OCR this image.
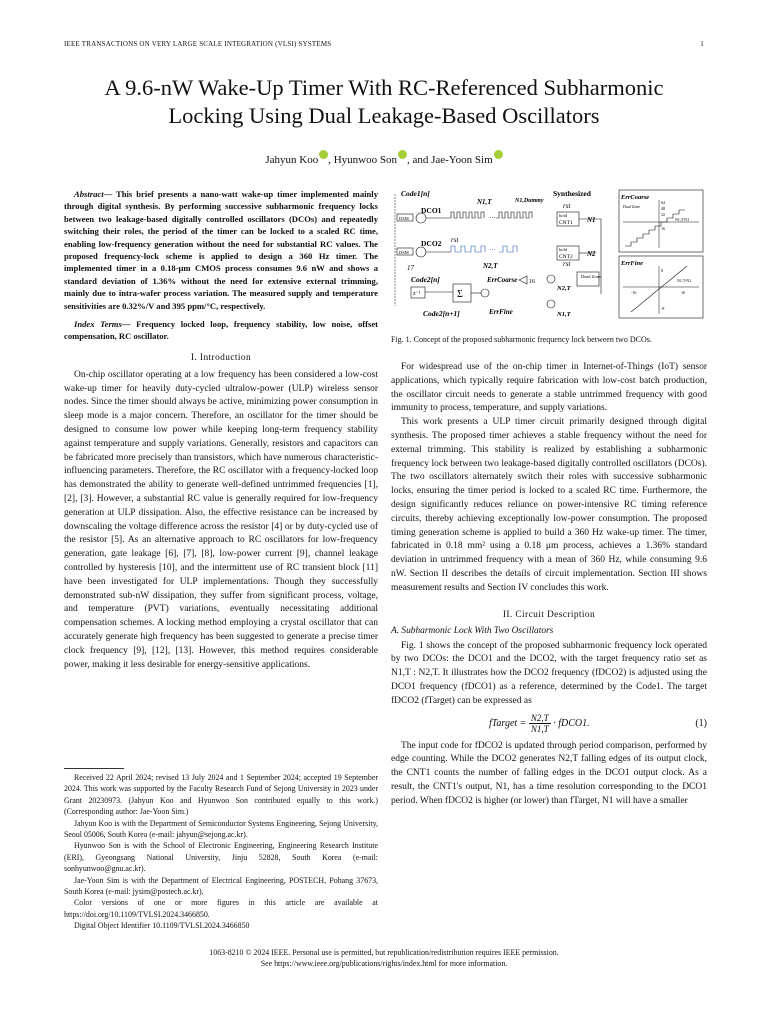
IEEE TRANSACTIONS ON VERY LARGE SCALE INTEGRATION (VLSI) SYSTEMS	1
A 9.6-nW Wake-Up Timer With RC-Referenced Subharmonic
Locking Using Dual Leakage-Based Oscillators
Jahyun Koo , Hyunwoo Son , and Jae-Yoon Sim

Abstract— This brief presents a nano-watt wake-up timer implemented mainly through digital synthesis. By performing successive subharmonic frequency locks between two leakage-based digitally controlled oscillators (DCOs) and repeatedly switching their roles, the period of the timer can be locked to a scaled RC time, enabling low-frequency generation without the need for substantial RC values. The proposed frequency-lock scheme is applied to design a 360 Hz timer. The implemented timer in a 0.18-μm CMOS process consumes 9.6 nW and shows a standard deviation of 1.36% without the need for extensive external trimming, mainly due to intra-wafer process variation. The measured supply and temperature sensitivities are 0.32%/V and 395 ppm/°C, respectively.

Index Terms— Frequency locked loop, frequency stability, low noise, offset compensation, RC oscillator.

I. Introduction

On-chip oscillator operating at a low frequency has been considered a low-cost wake-up timer for heavily duty-cycled ultralow-power (ULP) wireless sensor nodes. Since the timer should always be active, minimizing power consumption in sleep mode is a major concern. Therefore, an oscillator for the timer should be designed to consume low power while keeping long-term frequency stability against temperature and supply variations. Generally, resistors and capacitors can be fabricated more precisely than transistors, which have numerous characteristic-influencing parameters. Therefore, the RC oscillator with a frequency-locked loop has demonstrated the ability to generate well-defined untrimmed frequencies [1], [2], [3]. However, a substantial RC value is generally required for low-frequency generation at ULP dissipation. Also, the effective resistance can be increased by downscaling the voltage difference across the resistor [4] or by duty-cycled use of the resistor [5]. As an alternative approach to RC oscillators for low-frequency generation, gate leakage [6], [7], [8], low-power current [9], channel leakage controlled by hysteresis [10], and the intermittent use of RC transient block [11] have been investigated for ULP implementations. Though they successfully demonstrated sub-nW dissipation, they suffer from significant process, voltage, and temperature (PVT) variations, eventually necessitating additional compensation schemes. A locking method employing a crystal oscillator that can accurately generate high frequency has been suggested to generate a precise timer clock frequency [9], [12], [13]. However, this method requires considerable power, making it less desirable for energy-sensitive applications.

Received 22 April 2024; revised 13 July 2024 and 1 September 2024; accepted 19 September 2024. This work was supported by the Faculty Research Fund of Sejong University in 2023 under Grant 20230973. (Jahyun Koo and Hyunwoo Son contributed equally to this work.) (Corresponding author: Jae-Yoon Sim.)

Jahyun Koo is with the Department of Semiconductor Systems Engineering, Sejong University, Seoul 05006, South Korea (e-mail: jahyun@sejong.ac.kr).

Hyunwoo Son is with the School of Electronic Engineering, Engineering Research Institute (ERI), Gyeongsang National University, Jinju 52828, South Korea (e-mail: sonhyunwoo@gnu.ac.kr).

Jae-Yoon Sim is with the Department of Electrical Engineering, POSTECH, Pohang 37673, South Korea (e-mail: jysim@postech.ac.kr).

Color versions of one or more figures in this article are available at https://doi.org/10.1109/TVLSI.2024.3466850.

Digital Object Identifier 10.1109/TVLSI.2024.3466850

Code1[n]
DCO1
DCO2
DSM
DSM
···
···
N1,T	N1,Dummy
Synthesized
rst
rst
rst
hold
CNT1
hold
CNT2
N1
N2
N2,T
17
Code2[n]
z⁻¹	Σ
Code2[n+1]
ErrCoarse
ErrFine
16
N2,T
N1,T
Dead Zone
ErrCoarse
Dual Zone
N1,T-N1
64
48
32
16
ErrFine
N1,T-N1
-16	16
8
-8

Fig. 1. Concept of the proposed subharmonic frequency lock between two DCOs.

For widespread use of the on-chip timer in Internet-of-Things (IoT) sensor applications, which typically require fabrication with low-cost batch production, the oscillator circuit needs to generate a stable untrimmed frequency with good immunity to process, temperature, and supply variations.

This work presents a ULP timer circuit primarily designed through digital synthesis. The proposed timer achieves a stable frequency without the need for external trimming. This stability is realized by establishing a subharmonic frequency lock between two leakage-based digitally controlled oscillators (DCOs). The two oscillators alternately switch their roles with successive subharmonic locks, ensuring the timer period is locked to a scaled RC time. Furthermore, the design significantly reduces reliance on power-intensive RC timing reference circuits, thereby achieving exceptionally low-power consumption. The proposed timing generation scheme is applied to build a 360 Hz wake-up timer. The timer, fabricated in 0.18 mm² using a 0.18 μm process, achieves a 1.36% standard deviation in untrimmed frequency with a mean of 360 Hz, while consuming 9.6 nW. Section II describes the details of circuit implementation. Section III shows measurement results and Section IV concludes this work.

II. Circuit Description
A. Subharmonic Lock With Two Oscillators

Fig. 1 shows the concept of the proposed subharmonic frequency lock operated by two DCOs: the DCO1 and the DCO2, with the target frequency ratio set as N1,T : N2,T. It illustrates how the DCO2 frequency (fDCO2) is adjusted using the DCO1 frequency (fDCO1) as a reference, determined by the Code1. The target fDCO2 (fTarget) can be expressed as

fTarget = $\frac{N2,T}{N1,T}$ · fDCO1.	(1)

The input code for fDCO2 is updated through period comparison, performed by edge counting. While the DCO2 generates N2,T falling edges of its output clock, the CNT1 counts the number of falling edges in the DCO1 output clock. As a result, the CNT1's output, N1, has a time resolution corresponding to the DCO1 period. When fDCO2 is higher (or lower) than fTarget, N1 will have a smaller

1063-8210 © 2024 IEEE. Personal use is permitted, but republication/redistribution requires IEEE permission.
See https://www.ieee.org/publications/rights/index.html for more information.
